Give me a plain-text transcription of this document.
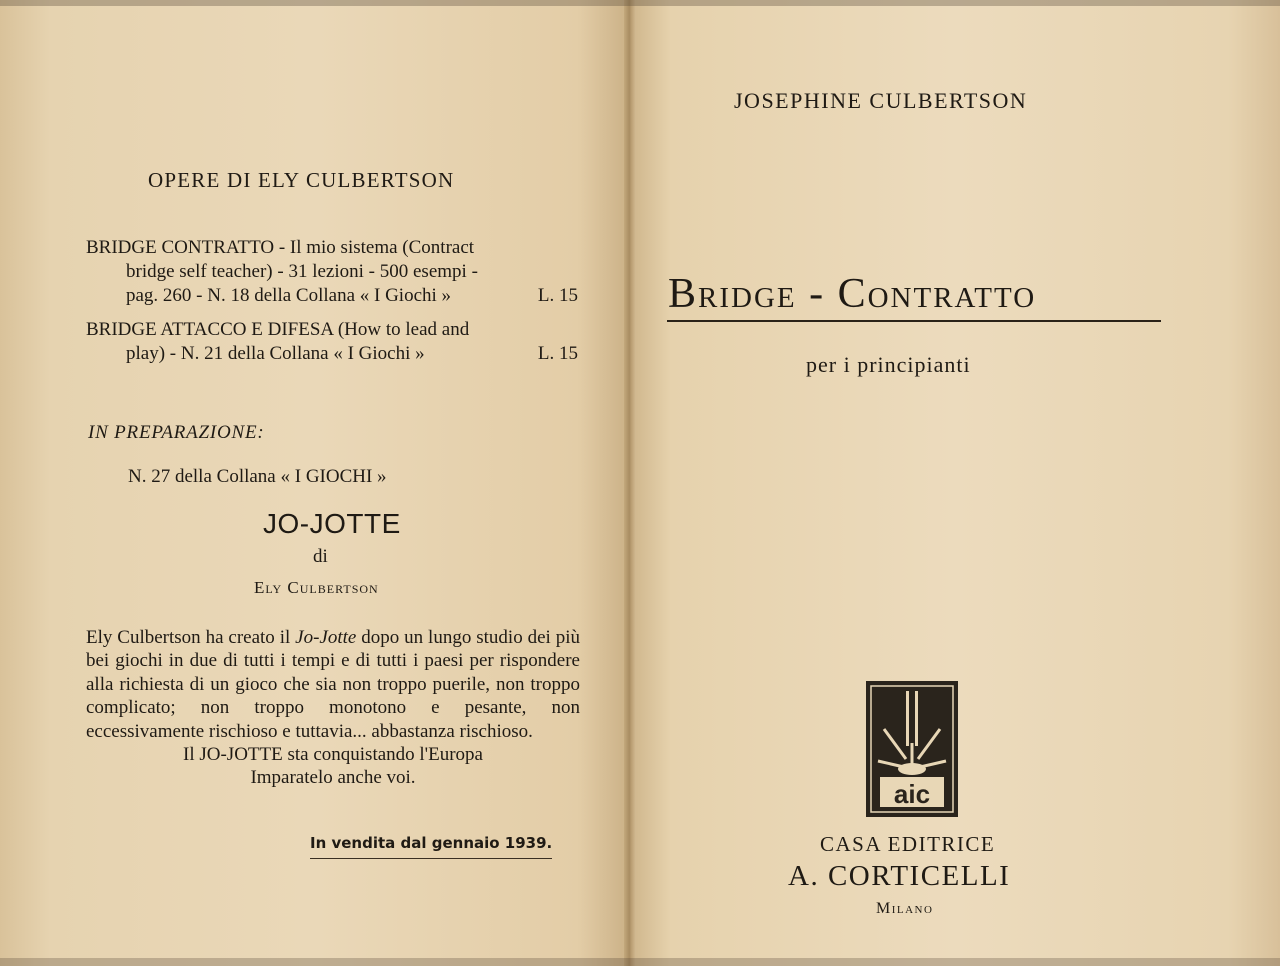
OPERE DI ELY CULBERTSON
BRIDGE CONTRATTO - Il mio sistema (Contract
bridge self teacher) - 31 lezioni - 500 esempi -
pag. 260 - N. 18 della Collana « I Giochi »	L. 15
BRIDGE ATTACCO E DIFESA (How to lead and
play) - N. 21 della Collana « I Giochi »	L. 15
IN PREPARAZIONE:
N. 27 della Collana « I GIOCHI »
JO-JOTTE
di
Ely Culbertson
Ely Culbertson ha creato il Jo-Jotte dopo un lungo studio dei più bei giochi in due di tutti i tempi e di tutti i paesi per rispondere alla richiesta di un gioco che sia non troppo puerile, non troppo complicato; non troppo monotono e pesante, non eccessivamente rischioso e tuttavia... abbastanza rischioso.
Il JO-JOTTE sta conquistando l'Europa
Imparatelo anche voi.
In vendita dal gennaio 1939.
JOSEPHINE CULBERTSON
Bridge - Contratto
per i principianti
aic
CASA EDITRICE
A. CORTICELLI
Milano
